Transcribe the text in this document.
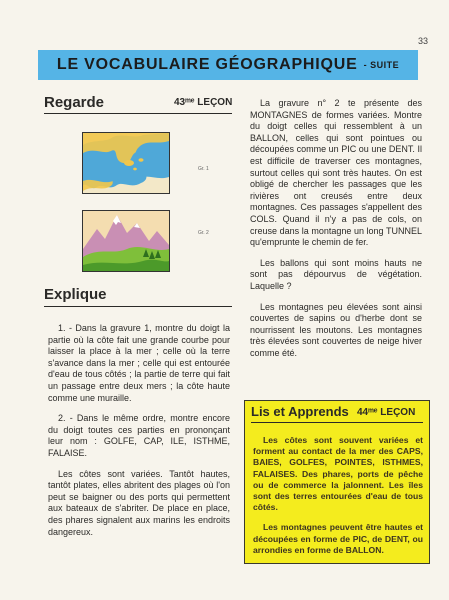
33
LE VOCABULAIRE GÉOGRAPHIQUE - SUITE
Regarde	43ᵐᵉ LEÇON
Gr. 1
Gr. 2
Explique

1. - Dans la gravure 1, montre du doigt la partie où la côte fait une grande courbe pour laisser la place à la mer ; celle où la terre s'avance dans la mer ; celle qui est entourée d'eau de tous côtés ; la partie de terre qui fait un passage entre deux mers ; la côte haute comme une muraille.

2. - Dans le même ordre, montre encore du doigt toutes ces parties en prononçant leur nom : GOLFE, CAP, ILE, ISTHME, FALAISE.

Les côtes sont variées. Tantôt hautes, tantôt plates, elles abritent des plages où l'on peut se baigner ou des ports qui permettent aux bateaux de s'abriter. De place en place, des phares signalent aux marins les endroits dangereux.

La gravure n° 2 te présente des MONTAGNES de formes variées. Montre du doigt celles qui ressemblent à un BALLON, celles qui sont pointues ou découpées comme un PIC ou une DENT. Il est difficile de traverser ces montagnes, surtout celles qui sont très hautes. On est obligé de chercher les passages que les rivières ont creusés entre deux montagnes. Ces passages s'appellent des COLS. Quand il n'y a pas de cols, on creuse dans la montagne un long TUNNEL qu'emprunte le chemin de fer.

Les ballons qui sont moins hauts ne sont pas dépourvus de végétation. Laquelle ?

Les montagnes peu élevées sont ainsi couvertes de sapins ou d'herbe dont se nourrissent les moutons. Les montagnes très élevées sont couvertes de neige hiver comme été.

Lis et Apprends 44ᵐᵉ LEÇON

Les côtes sont souvent variées et forment au contact de la mer des CAPS, BAIES, GOLFES, POINTES, ISTHMES, FALAISES. Des phares, ports de pêche ou de commerce la jalonnent. Les îles sont des terres entourées d'eau de tous côtés.

Les montagnes peuvent être hautes et découpées en forme de PIC, de DENT, ou arrondies en forme de BALLON.
